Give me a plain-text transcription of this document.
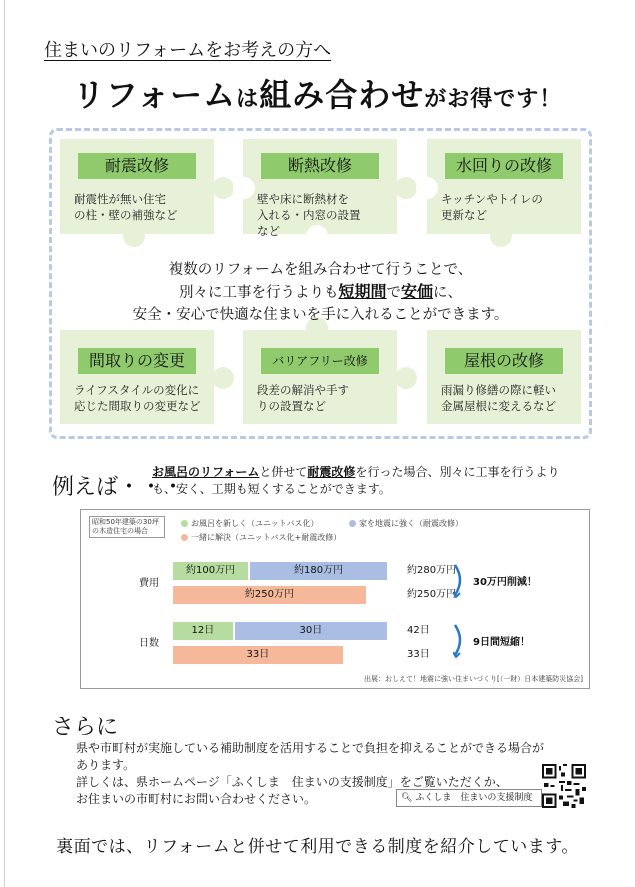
住まいのリフォームをお考えの方へ
リフォームは組み合わせがお得です！
耐震改修
耐震性が無い住宅
の柱・壁の補強など
断熱改修
壁や床に断熱材を
入れる・内窓の設置
など
水回りの改修
キッチンやトイレの
更新など
間取りの変更
ライフスタイルの変化に
応じた間取りの変更など
バリアフリー改修
段差の解消や手す
りの設置など
屋根の改修
雨漏り修繕の際に軽い
金属屋根に変えるなど
複数のリフォームを組み合わせて行うことで、
別々に工事を行うよりも短期間で安価に、
安全・安心で快適な住まいを手に入れることができます。
例えば・・・
お風呂のリフォームと併せて耐震改修を行った場合、別々に工事を行うより
も、安く、工期も短くすることができます。
昭和50年建築の30坪の木造住宅の場合
お風呂を新しく（ユニットバス化）	家を地震に強く（耐震改修）
一緒に解決（ユニットバス化+耐震改修）
費用
日数
約100万円	約180万円
約250万円
12日	30日
33日
約280万円
約250万円
42日
33日
30万円削減！
9日間短縮！
出展：おしえて！地震に強い住まいづくり[（一財）日本建築防災協会]
さらに
県や市町村が実施している補助制度を活用することで負担を抑えることができる場合が
あります。
詳しくは、県ホームページ「ふくしま　住まいの支援制度」をご覧いただくか、
お住まいの市町村にお問い合わせください。	🔍︎ ふくしま　住まいの支援制度
裏面では、リフォームと併せて利用できる制度を紹介しています。
